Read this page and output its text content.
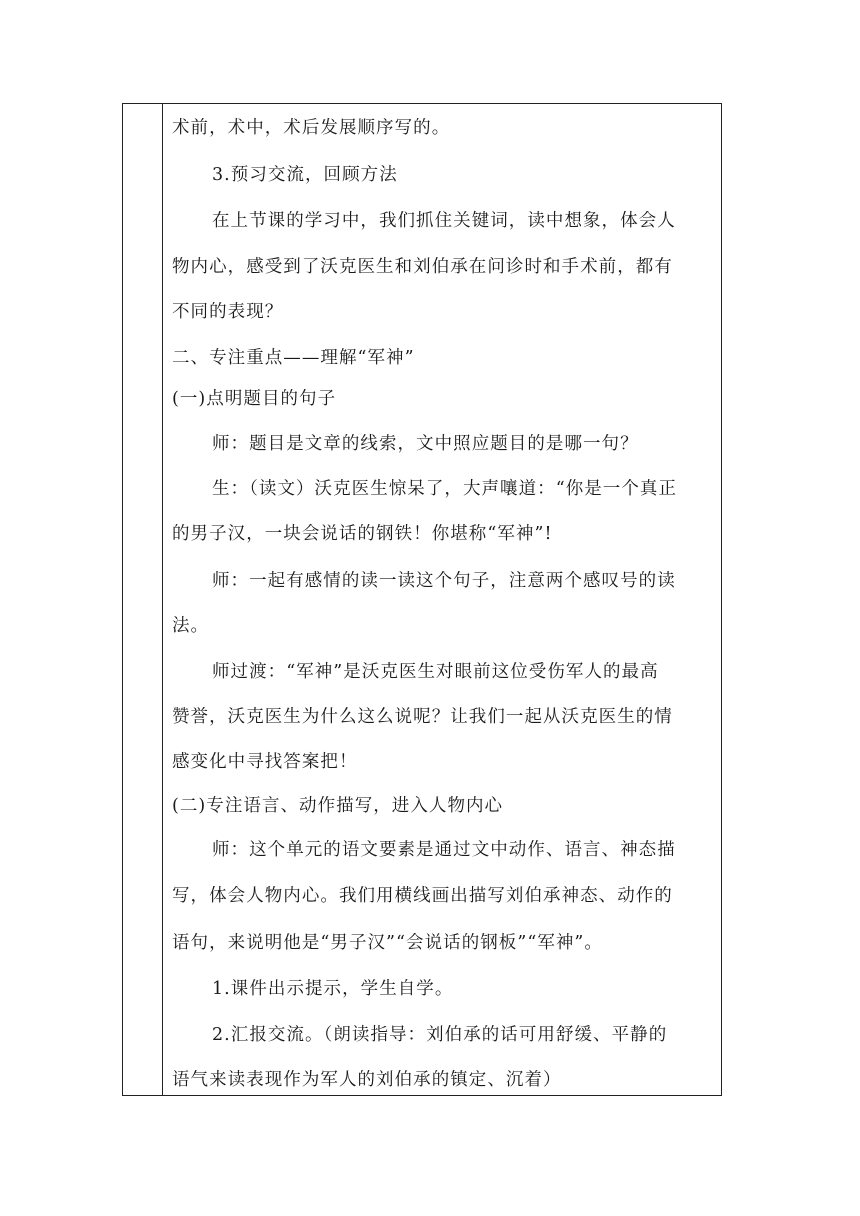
术前，术中，术后发展顺序写的。
3.预习交流，回顾方法
在上节课的学习中，我们抓住关键词，读中想象，体会人
物内心，感受到了沃克医生和刘伯承在问诊时和手术前，都有
不同的表现？
二、专注重点——理解“军神”
(一)点明题目的句子
师：题目是文章的线索，文中照应题目的是哪一句？
生：（读文）沃克医生惊呆了，大声嚷道：“你是一个真正
的男子汉，一块会说话的钢铁！你堪称“军神”!
师：一起有感情的读一读这个句子，注意两个感叹号的读
法。
师过渡：“军神”是沃克医生对眼前这位受伤军人的最高
赞誉，沃克医生为什么这么说呢？让我们一起从沃克医生的情
感变化中寻找答案把！
(二)专注语言、动作描写，进入人物内心
师：这个单元的语文要素是通过文中动作、语言、神态描
写，体会人物内心。我们用横线画出描写刘伯承神态、动作的
语句，来说明他是“男子汉”“会说话的钢板”“军神”。
1.课件出示提示，学生自学。
2.汇报交流。（朗读指导：刘伯承的话可用舒缓、平静的
语气来读表现作为军人的刘伯承的镇定、沉着）
